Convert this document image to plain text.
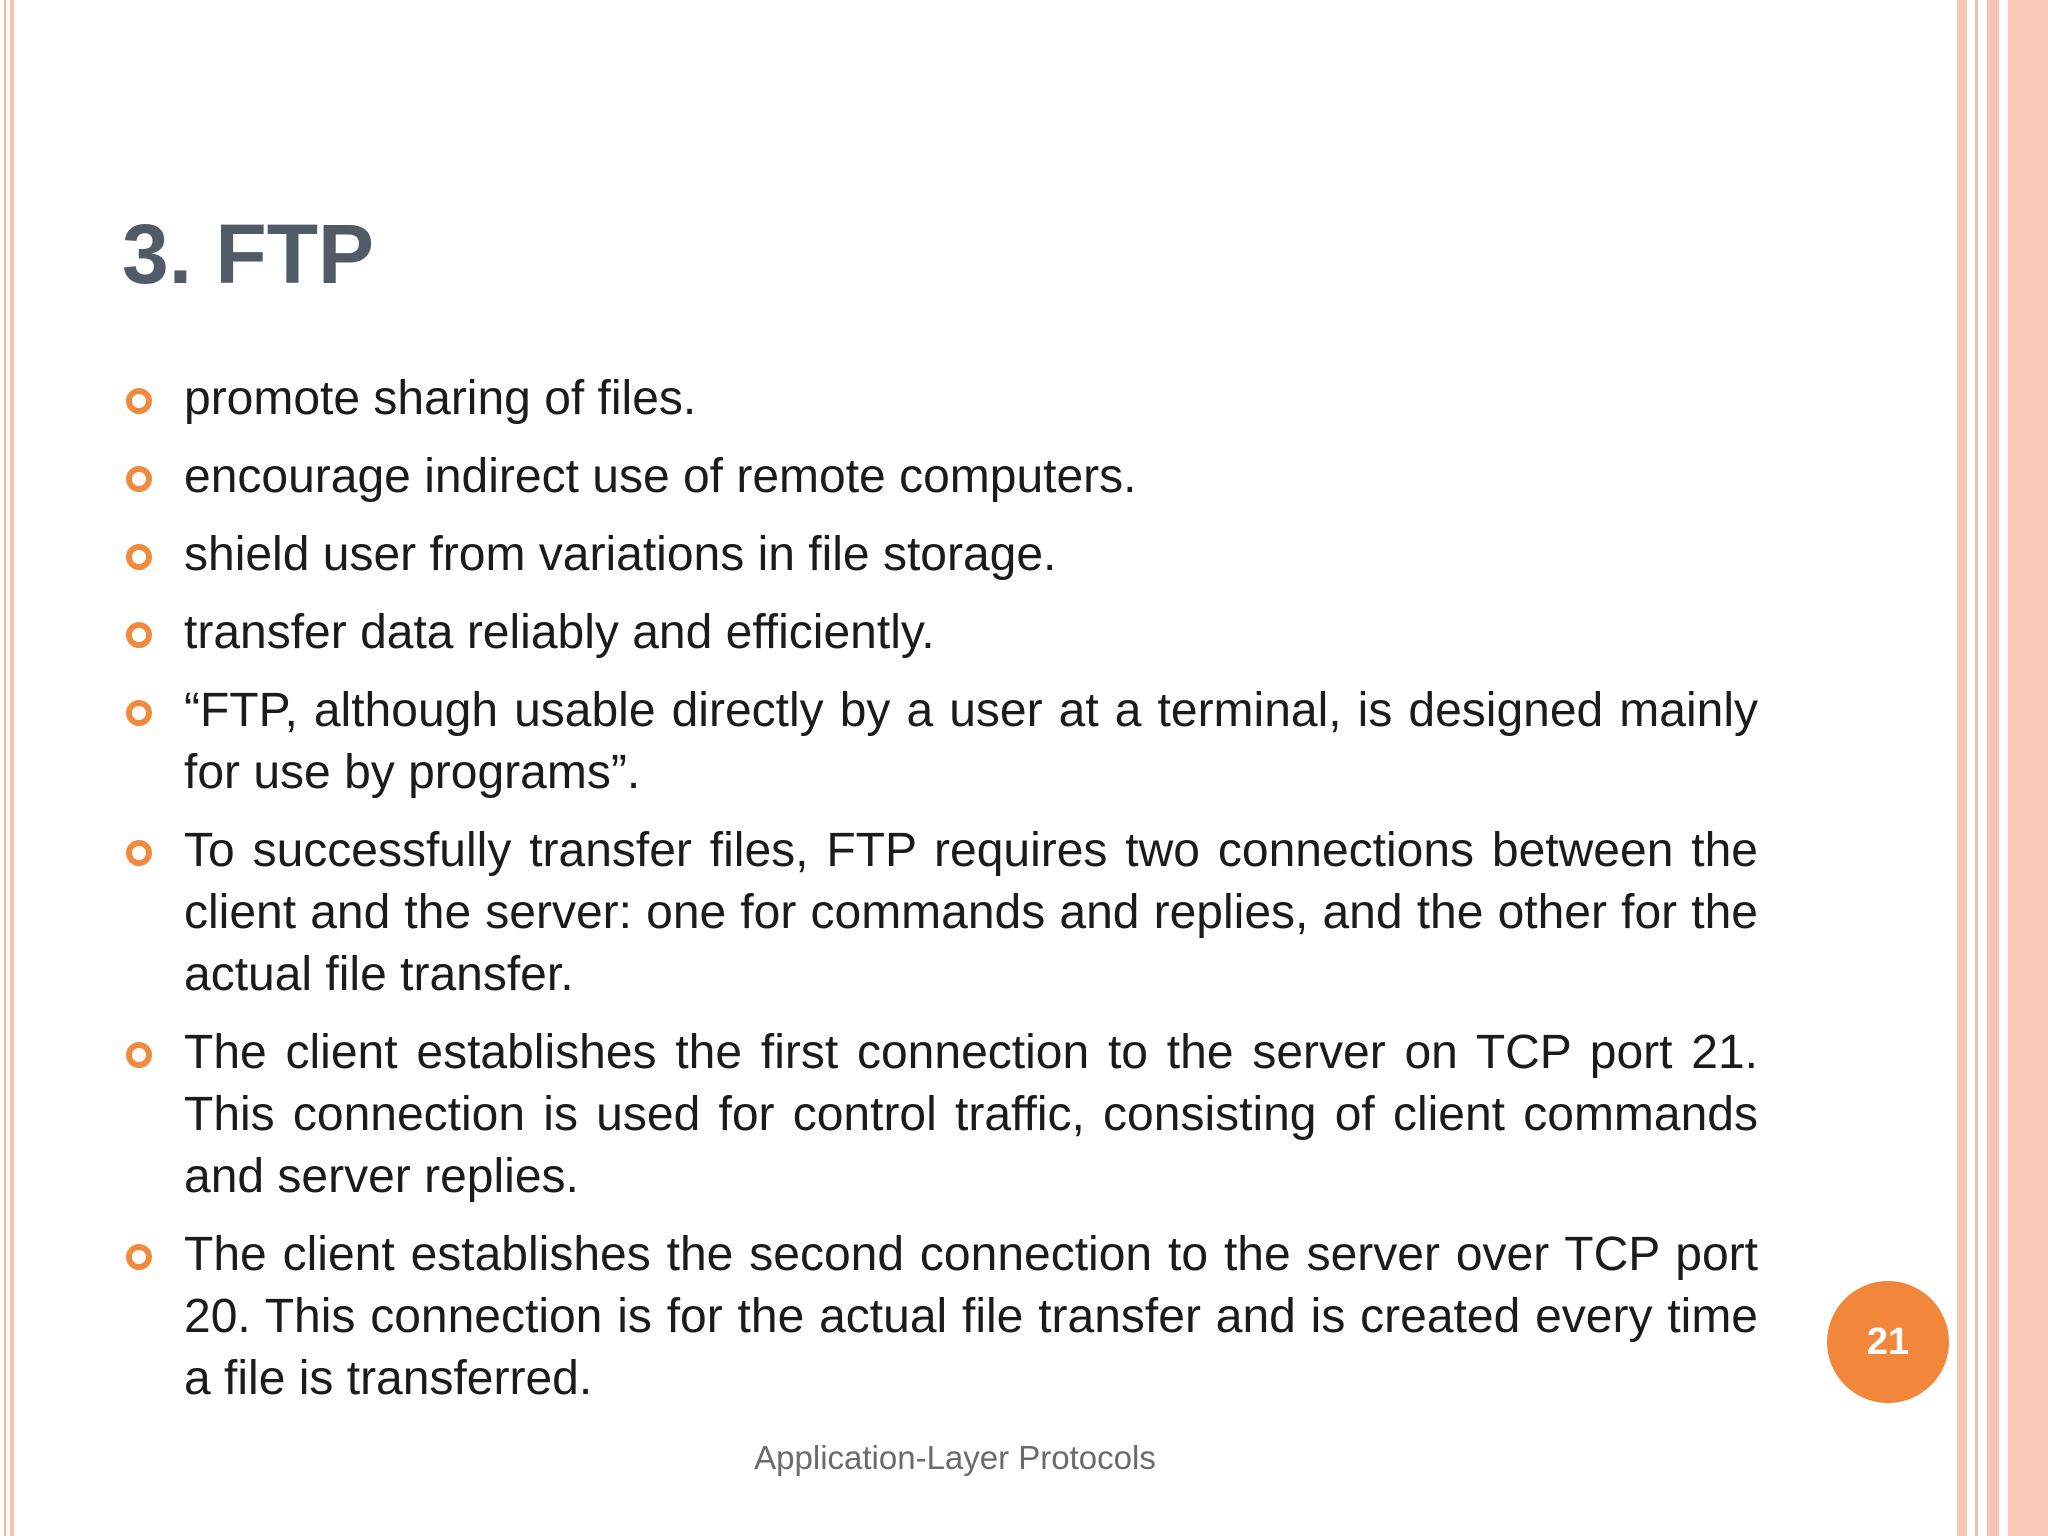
3. FTP
promote sharing of files.
encourage indirect use of remote computers.
shield user from variations in file storage.
transfer data reliably and efficiently.
“FTP, although usable directly by a user at a terminal, is designed mainly for use by programs”.
To successfully transfer files, FTP requires two connections between the client and the server: one for commands and replies, and the other for the actual file transfer.
The client establishes the first connection to the server on TCP port 21. This connection is used for control traffic, consisting of client commands and server replies.
The client establishes the second connection to the server over TCP port 20. This connection is for the actual file transfer and is created every time a file is transferred.
21
Application-Layer Protocols
